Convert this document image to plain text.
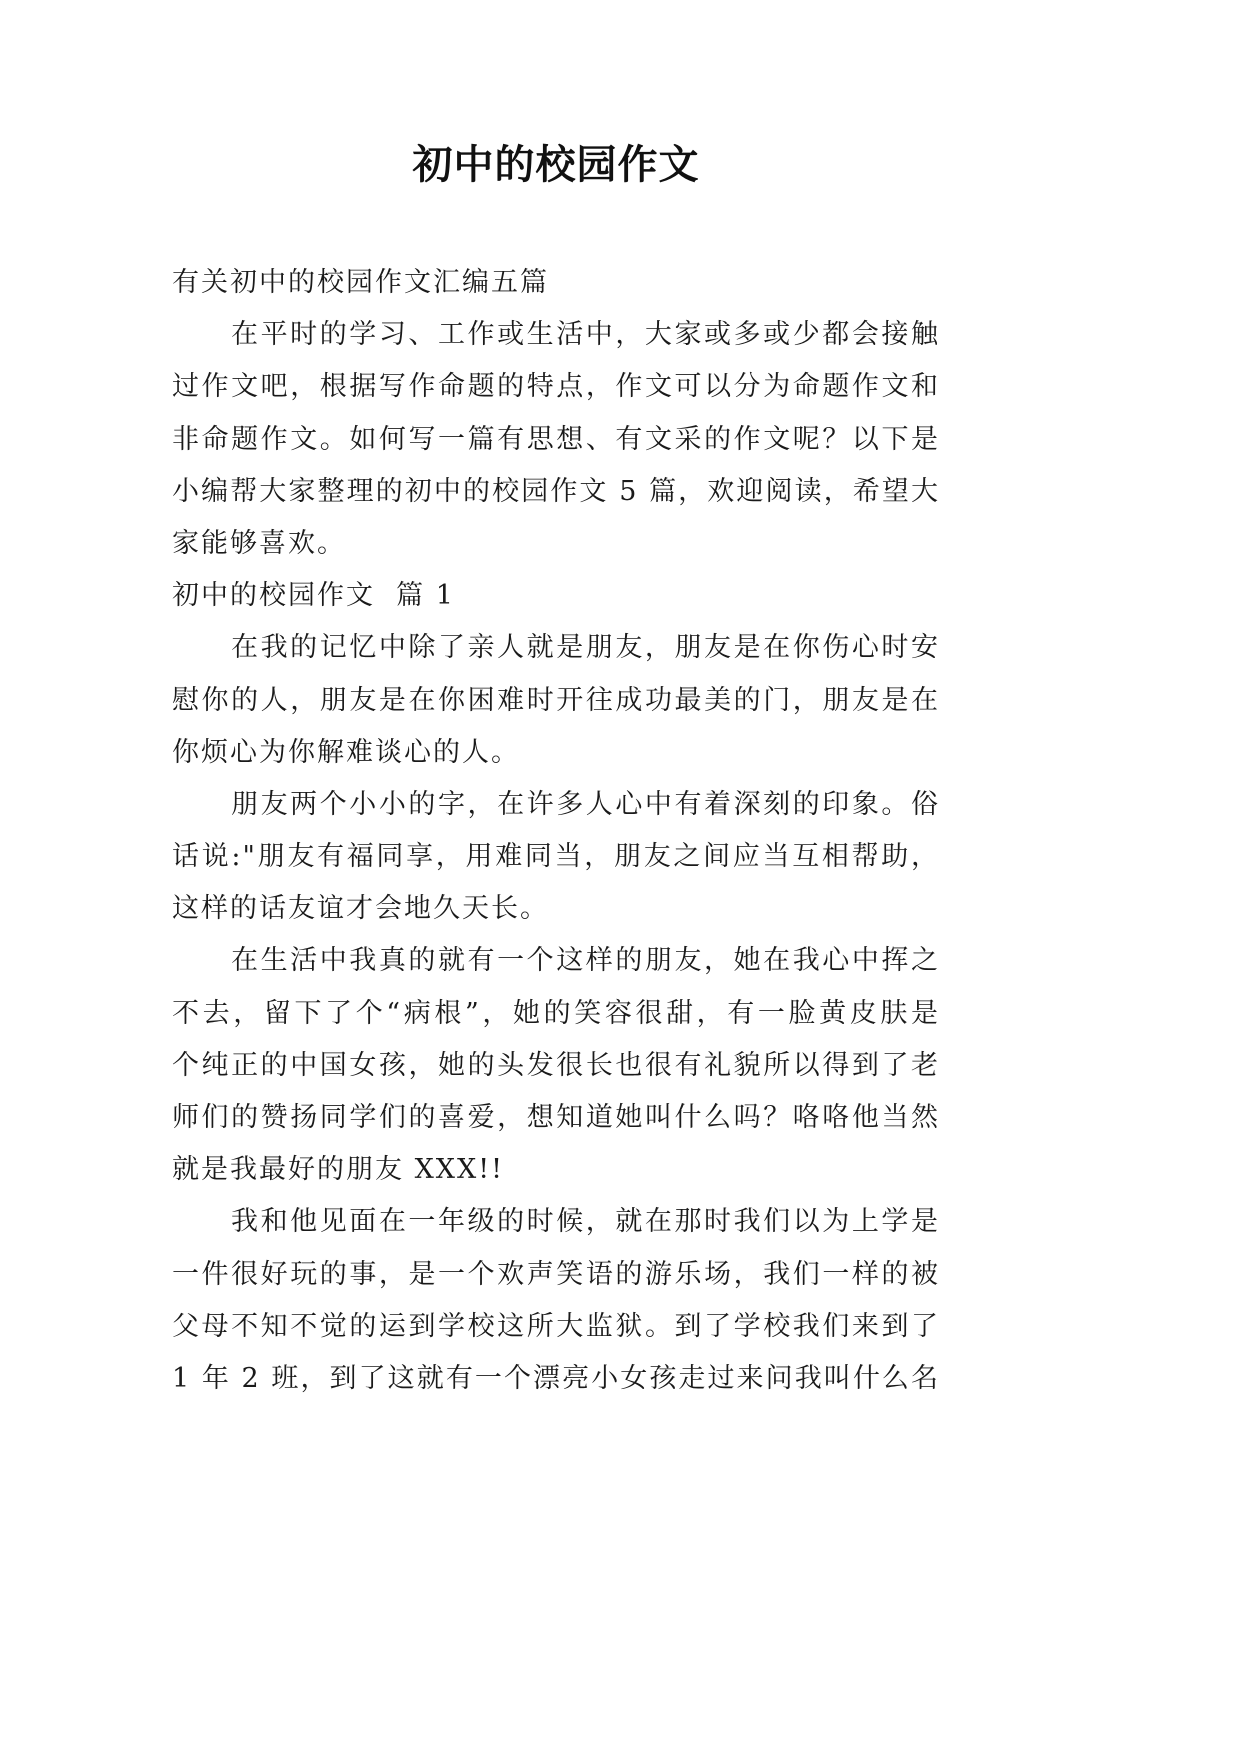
初中的校园作文
有关初中的校园作文汇编五篇
在平时的学习、工作或生活中，大家或多或少都会接触
过作文吧，根据写作命题的特点，作文可以分为命题作文和
非命题作文。如何写一篇有思想、有文采的作文呢？以下是
小编帮大家整理的初中的校园作文 5 篇，欢迎阅读，希望大
家能够喜欢。
初中的校园作文  篇 1
在我的记忆中除了亲人就是朋友，朋友是在你伤心时安
慰你的人，朋友是在你困难时开往成功最美的门，朋友是在
你烦心为你解难谈心的人。
朋友两个小小的字，在许多人心中有着深刻的印象。俗
话说:"朋友有福同享，用难同当，朋友之间应当互相帮助，
这样的话友谊才会地久天长。
在生活中我真的就有一个这样的朋友，她在我心中挥之
不去，留下了个“病根”，她的笑容很甜，有一脸黄皮肤是
个纯正的中国女孩，她的头发很长也很有礼貌所以得到了老
师们的赞扬同学们的喜爱，想知道她叫什么吗？咯咯他当然
就是我最好的朋友 XXX!!
我和他见面在一年级的时候，就在那时我们以为上学是
一件很好玩的事，是一个欢声笑语的游乐场，我们一样的被
父母不知不觉的运到学校这所大监狱。到了学校我们来到了
1 年 2 班，到了这就有一个漂亮小女孩走过来问我叫什么名
